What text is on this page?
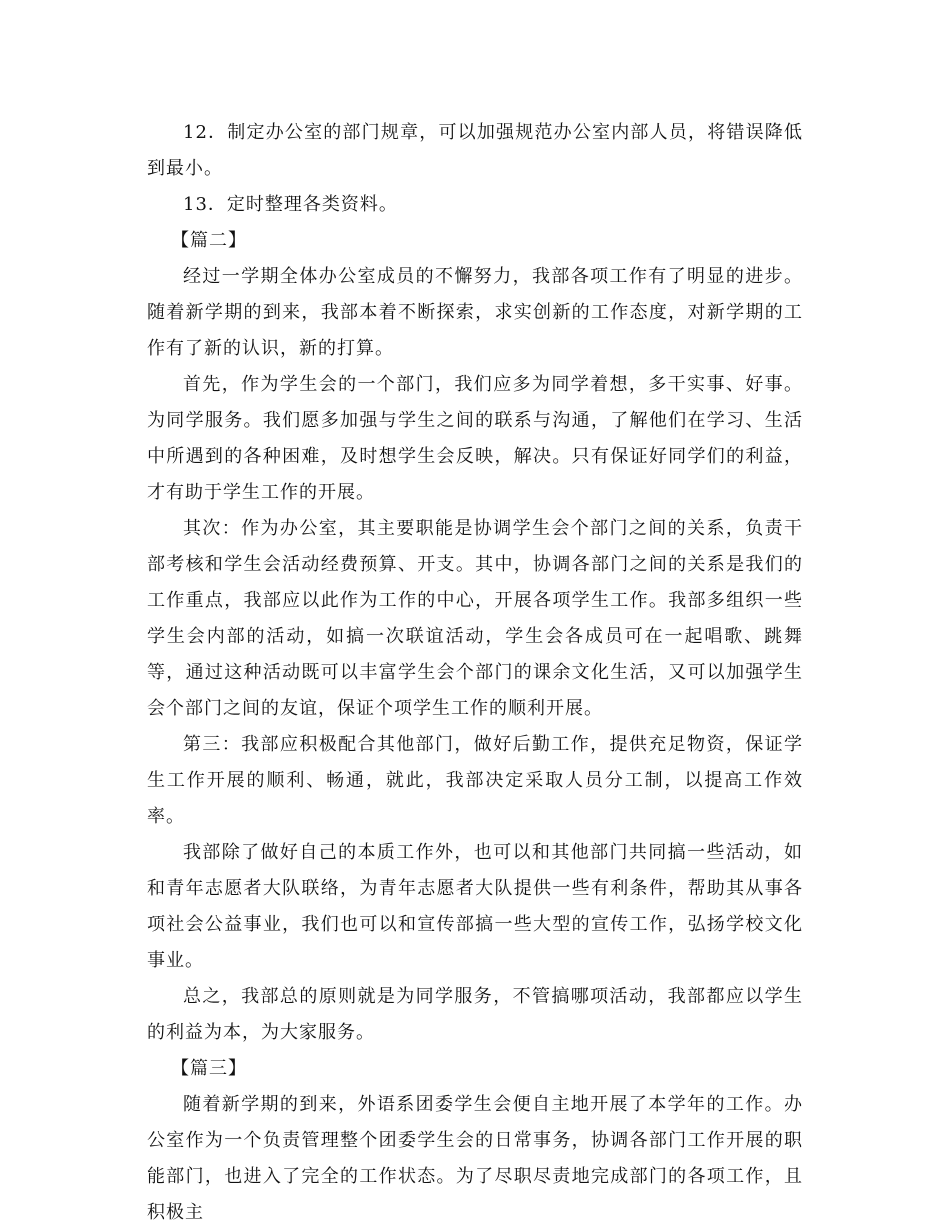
12．制定办公室的部门规章，可以加强规范办公室内部人员，将错误降低到最小。

13．定时整理各类资料。

【篇二】

经过一学期全体办公室成员的不懈努力，我部各项工作有了明显的进步。随着新学期的到来，我部本着不断探索，求实创新的工作态度，对新学期的工作有了新的认识，新的打算。

首先，作为学生会的一个部门，我们应多为同学着想，多干实事、好事。为同学服务。我们愿多加强与学生之间的联系与沟通，了解他们在学习、生活中所遇到的各种困难，及时想学生会反映，解决。只有保证好同学们的利益，才有助于学生工作的开展。

其次：作为办公室，其主要职能是协调学生会个部门之间的关系，负责干部考核和学生会活动经费预算、开支。其中，协调各部门之间的关系是我们的工作重点，我部应以此作为工作的中心，开展各项学生工作。我部多组织一些学生会内部的活动，如搞一次联谊活动，学生会各成员可在一起唱歌、跳舞等，通过这种活动既可以丰富学生会个部门的课余文化生活，又可以加强学生会个部门之间的友谊，保证个项学生工作的顺利开展。

第三：我部应积极配合其他部门，做好后勤工作，提供充足物资，保证学生工作开展的顺利、畅通，就此，我部决定采取人员分工制，以提高工作效率。

我部除了做好自己的本质工作外，也可以和其他部门共同搞一些活动，如和青年志愿者大队联络，为青年志愿者大队提供一些有利条件，帮助其从事各项社会公益事业，我们也可以和宣传部搞一些大型的宣传工作，弘扬学校文化事业。

总之，我部总的原则就是为同学服务，不管搞哪项活动，我部都应以学生的利益为本，为大家服务。

【篇三】

随着新学期的到来，外语系团委学生会便自主地开展了本学年的工作。办公室作为一个负责管理整个团委学生会的日常事务，协调各部门工作开展的职能部门，也进入了完全的工作状态。为了尽职尽责地完成部门的各项工作，且积极主
